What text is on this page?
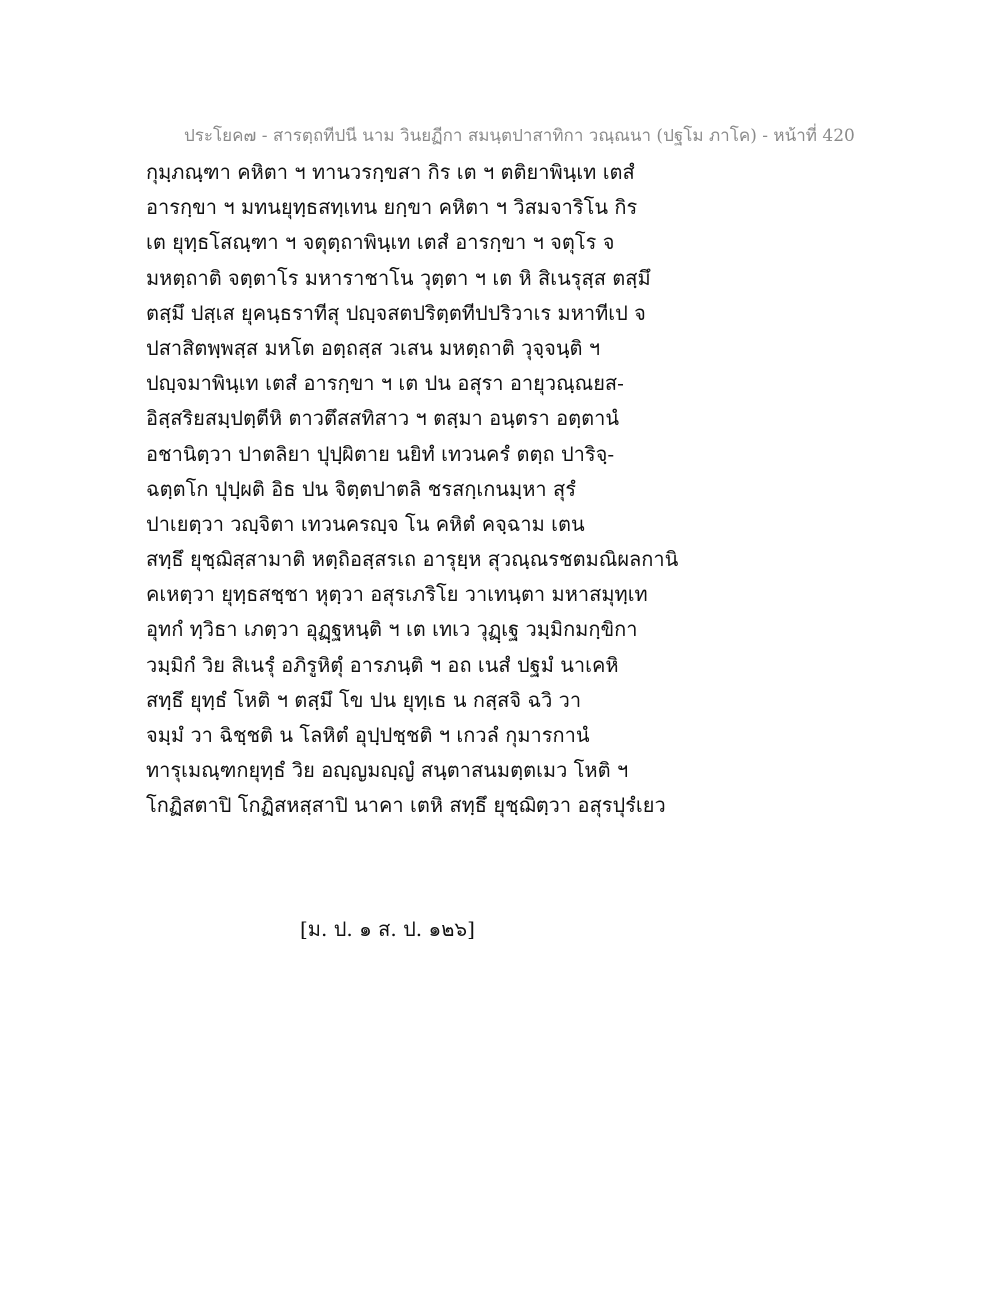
ประโยค๗ - สารตฺถทีปนี นาม วินยฏีกา สมนฺตปาสาทิกา วณฺณนา (ปฐโม ภาโค) - หน้าที่ 420
กุมฺภณฺฑา คหิตา ฯ ทานวรกฺขสา กิร เต ฯ ตติยาพินฺเท เตสํ
อารกฺขา ฯ มทนยุทฺธสทฺเทน ยกฺขา คหิตา ฯ วิสมจาริโน กิร
เต ยุทฺธโสณฺฑา ฯ จตุตฺถาพินฺเท เตสํ อารกฺขา ฯ จตุโร จ
มหตฺถาติ จตฺตาโร มหาราชาโน วุตฺตา ฯ เต หิ สิเนรุสฺส ตสฺมึ
ตสฺมึ ปสฺเส ยุคนฺธราทีสุ ปญฺจสตปริตฺตทีปปริวาเร มหาทีเป จ
ปสาสิตพฺพสฺส มหโต อตฺถสฺส วเสน มหตฺถาติ วุจฺจนฺติ ฯ
ปญฺจมาพินฺเท เตสํ อารกฺขา ฯ เต ปน อสุรา อายุวณฺณยส-
อิสฺสริยสมฺปตฺตีหิ ตาวตึสสทิสาว ฯ ตสฺมา อนฺตรา อตฺตานํ
อชานิตฺวา ปาตลิยา ปุปฺผิตาย นยิทํ เทวนครํ ตตฺถ ปาริจฺ-
ฉตฺตโก ปุปฺผติ อิธ ปน จิตฺตปาตลิ ชรสกฺเกนมฺหา สุรํ
ปาเยตฺวา วญฺจิตา เทวนครญฺจ โน คหิตํ คจฺฉาม เตน
สทฺธึ ยุชฺฌิสฺสามาติ หตฺถิอสฺสรเถ อารุยฺห สุวณฺณรชตมณิผลกานิ
คเหตฺวา ยุทฺธสชฺชา หุตฺวา อสุรเภริโย วาเทนฺตา มหาสมุทฺเท
อุทกํ ทฺวิธา เภตฺวา อุฏฺฐหนฺติ ฯ เต เทเว วุฏฺเฐ วมฺมิกมกฺขิกา
วมฺมิกํ วิย สิเนรุํ อภิรูหิตุํ อารภนฺติ ฯ อถ เนสํ ปฐมํ นาเคหิ
สทฺธึ ยุทฺธํ โหติ ฯ ตสฺมึ โข ปน ยุทฺเธ น กสฺสจิ ฉวิ วา
จมฺมํ วา ฉิชฺชติ น โลหิตํ อุปฺปชฺชติ ฯ เกวลํ กุมารกานํ
ทารุเมณฺฑกยุทฺธํ วิย อญฺญมญฺญํ สนฺตาสนมตฺตเมว โหติ ฯ
โกฏิสตาปิ โกฏิสหสฺสาปิ นาคา เตหิ สทฺธึ ยุชฺฌิตฺวา อสุรปุรํเยว
[ม. ป. ๑ ส. ป. ๑๒๖]
